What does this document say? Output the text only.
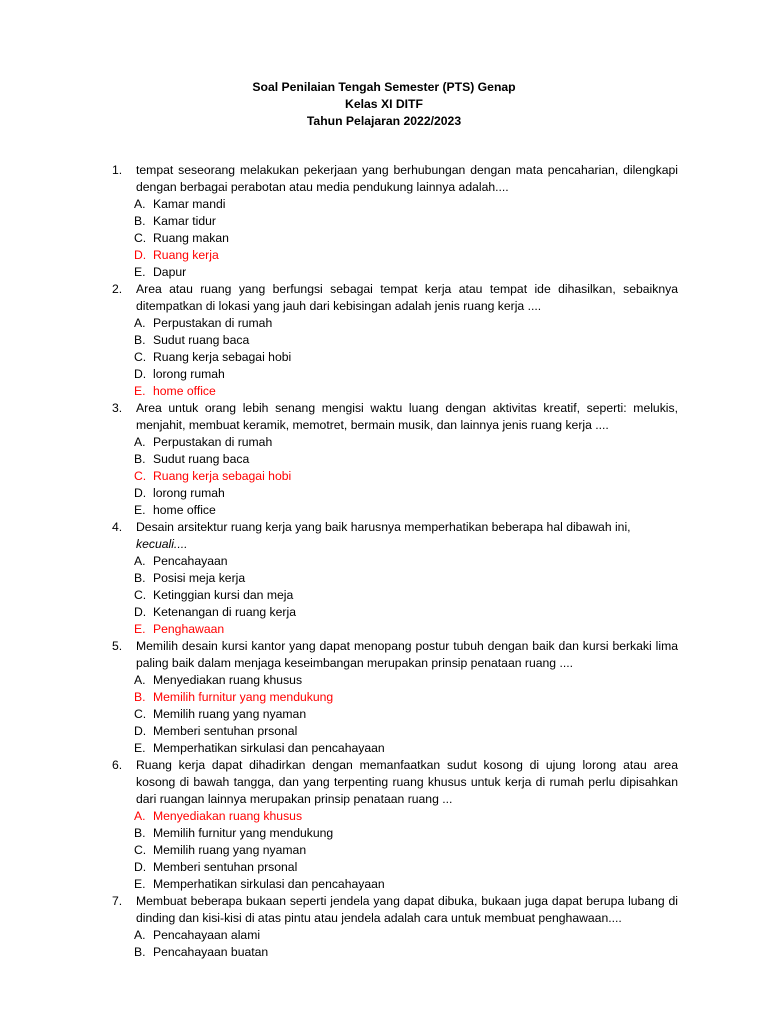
Soal Penilaian Tengah Semester (PTS) Genap
Kelas XI DITF
Tahun Pelajaran 2022/2023
1.	tempat seseorang melakukan pekerjaan yang berhubungan dengan mata pencaharian, dilengkapi dengan berbagai perabotan atau media pendukung lainnya adalah....
A. Kamar mandi
B. Kamar tidur
C. Ruang makan
D. Ruang kerja
E. Dapur
2.	Area atau ruang yang berfungsi sebagai tempat kerja atau tempat ide dihasilkan, sebaiknya ditempatkan di lokasi yang jauh dari kebisingan adalah jenis ruang kerja ....
A. Perpustakan di rumah
B. Sudut ruang baca
C. Ruang kerja sebagai hobi
D. lorong rumah
E. home office
3.	Area untuk orang lebih senang mengisi waktu luang dengan aktivitas kreatif, seperti: melukis, menjahit, membuat keramik, memotret, bermain musik, dan lainnya jenis ruang kerja ....
A. Perpustakan di rumah
B. Sudut ruang baca
C. Ruang kerja sebagai hobi
D. lorong rumah
E. home office
4.	Desain arsitektur ruang kerja yang baik harusnya memperhatikan beberapa hal dibawah ini,
kecuali....
A. Pencahayaan
B. Posisi meja kerja
C. Ketinggian kursi dan meja
D. Ketenangan di ruang kerja
E. Penghawaan
5.	Memilih desain kursi kantor yang dapat menopang postur tubuh dengan baik dan kursi berkaki lima paling baik dalam menjaga keseimbangan merupakan prinsip penataan ruang ....
A. Menyediakan ruang khusus
B. Memilih furnitur yang mendukung
C. Memilih ruang yang nyaman
D. Memberi sentuhan prsonal
E. Memperhatikan sirkulasi dan pencahayaan
6.	Ruang kerja dapat dihadirkan dengan memanfaatkan sudut kosong di ujung lorong atau area kosong di bawah tangga, dan yang terpenting ruang khusus untuk kerja di rumah perlu dipisahkan dari ruangan lainnya merupakan prinsip penataan ruang ...
A. Menyediakan ruang khusus
B. Memilih furnitur yang mendukung
C. Memilih ruang yang nyaman
D. Memberi sentuhan prsonal
E. Memperhatikan sirkulasi dan pencahayaan
7.	Membuat beberapa bukaan seperti jendela yang dapat dibuka, bukaan juga dapat berupa lubang di dinding dan kisi-kisi di atas pintu atau jendela adalah cara untuk membuat penghawaan....
A. Pencahayaan alami
B. Pencahayaan buatan
